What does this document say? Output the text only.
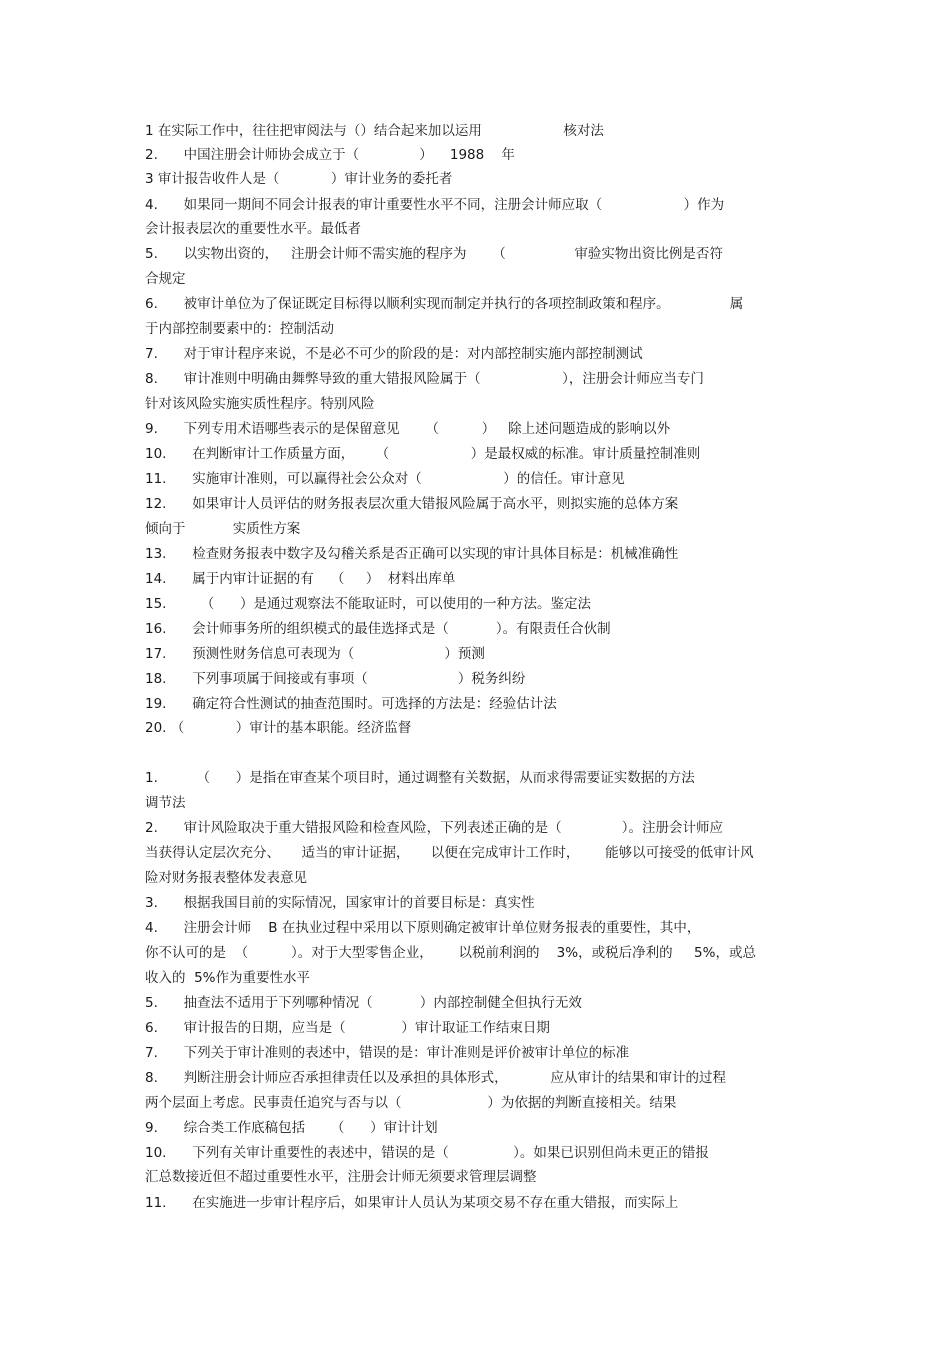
1 在实际工作中，往往把审阅法与（）结合起来加以运用                   核对法
2.      中国注册会计师协会成立于（              ）    1988    年
3 审计报告收件人是（            ）审计业务的委托者
4.      如果同一期间不同会计报表的审计重要性水平不同，注册会计师应取（                   ）作为
会计报表层次的重要性水平。最低者
5.      以实物出资的，   注册会计师不需实施的程序为      （                审验实物出资比例是否符
合规定
6.      被审计单位为了保证既定目标得以顺利实现而制定并执行的各项控制政策和程序。              属
于内部控制要素中的：控制活动
7.      对于审计程序来说，不是必不可少的阶段的是：对内部控制实施内部控制测试
8.      审计准则中明确由舞弊导致的重大错报风险属于（                   ），注册会计师应当专门
针对该风险实施实质性程序。特别风险
9.      下列专用术语哪些表示的是保留意见      （          ）   除上述问题造成的影响以外
10.      在判断审计工作质量方面，     （                   ）是最权威的标准。审计质量控制准则
11.      实施审计准则，可以赢得社会公众对（                   ）的信任。审计意见
12.      如果审计人员评估的财务报表层次重大错报风险属于高水平，则拟实施的总体方案
倾向于           实质性方案
13.      检查财务报表中数字及勾稽关系是否正确可以实现的审计具体目标是：机械准确性
14.      属于内审计证据的有    （     ）  材料出库单
15.        （      ）是通过观察法不能取证时，可以使用的一种方法。鉴定法
16.      会计师事务所的组织模式的最佳选择式是（           ）。有限责任合伙制
17.      预测性财务信息可表现为（                     ）预测
18.      下列事项属于间接或有事项（                     ）税务纠纷
19.      确定符合性测试的抽查范围时。可选择的方法是：经验估计法
20. （            ）审计的基本职能。经济监督
1.         （      ）是指在审查某个项目时，通过调整有关数据，从而求得需要证实数据的方法
调节法
2.      审计风险取决于重大错报风险和检查风险，下列表述正确的是（              ）。注册会计师应
当获得认定层次充分、     适当的审计证据，     以便在完成审计工作时，      能够以可接受的低审计风
险对财务报表整体发表意见
3.      根据我国目前的实际情况，国家审计的首要目标是：真实性
4.      注册会计师    B 在执业过程中采用以下原则确定被审计单位财务报表的重要性，其中，
你不认可的是  （          ）。对于大型零售企业，      以税前利润的    3%，或税后净利的     5%，或总
收入的  5%作为重要性水平
5.      抽查法不适用于下列哪种情况（           ）内部控制健全但执行无效
6.      审计报告的日期，应当是（             ）审计取证工作结束日期
7.      下列关于审计准则的表述中，错误的是：审计准则是评价被审计单位的标准
8.      判断注册会计师应否承担律责任以及承担的具体形式，          应从审计的结果和审计的过程
两个层面上考虑。民事责任追究与否与以（                    ）为依据的判断直接相关。结果
9.      综合类工作底稿包括      （      ）审计计划
10.      下列有关审计重要性的表述中，错误的是（               ）。如果已识别但尚未更正的错报
汇总数接近但不超过重要性水平，注册会计师无须要求管理层调整
11.      在实施进一步审计程序后，如果审计人员认为某项交易不存在重大错报，而实际上
